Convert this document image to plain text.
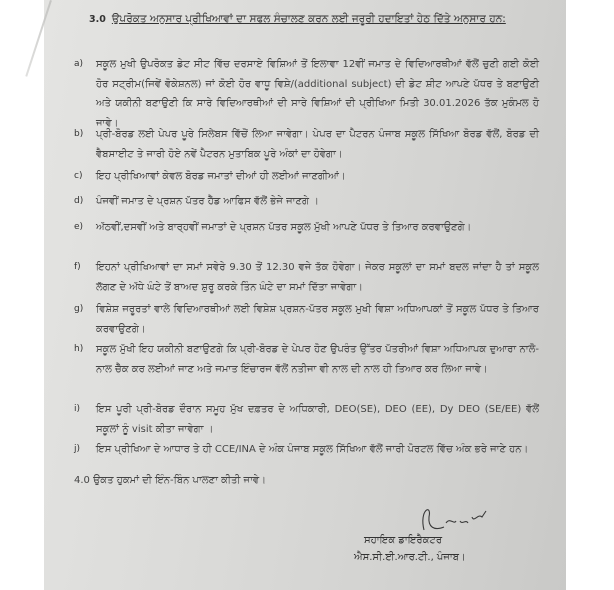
3.0 ਉਪਰੋਕਤ ਅਨੁਸਾਰ ਪ੍ਰੀਖਿਆਵਾਂ ਦਾ ਸਫਲ ਸੰਚਾਲਣ ਕਰਨ ਲਈ ਜਰੂਰੀ ਹਦਾਇਤਾਂ ਹੇਠ ਦਿੱਤੇ ਅਨੁਸਾਰ ਹਨ:
a) ਸਕੂਲ ਮੁਖੀ ਉਪਰੋਕਤ ਡੇਟ ਸੀਟ ਵਿੱਚ ਦਰਸਾਏ ਵਿਸ਼ਿਆਂ ਤੋਂ ਇਲਾਵਾ 12ਵੀਂ ਜਮਾਤ ਦੇ ਵਿਦਿਆਰਥੀਆਂ ਵੱਲੋਂ ਚੁਣੀ ਗਈ ਕੋਈ ਹੋਰ ਸਟ੍ਰੀਮ(ਜਿਵੇਂ ਵੋਕੇਸ਼ਨਲ) ਜਾਂ ਕੋਈ ਹੋਰ ਵਾਧੂ ਵਿਸ਼ੇ/(additional subject) ਦੀ ਡੇਟ ਸ਼ੀਟ ਆਪਣੇ ਪੱਧਰ ਤੇ ਬਣਾਉਣੀ ਅਤੇ ਯਕੀਨੀ ਬਣਾਉਣੀ ਕਿ ਸਾਰੇ ਵਿਦਿਆਰਥੀਆਂ ਦੀ ਸਾਰੇ ਵਿਸ਼ਿਆਂ ਦੀ ਪ੍ਰੀਖਿਆ ਮਿਤੀ 30.01.2026 ਤੱਕ ਮੁਕੰਮਲ ਹੋ ਜਾਵੇ।
b) ਪ੍ਰੀ-ਬੋਰਡ ਲਈ ਪੇਪਰ ਪੂਰੇ ਸਿਲੇਬਸ ਵਿੱਚੋਂ ਲਿਆ ਜਾਵੇਗਾ। ਪੇਪਰ ਦਾ ਪੈਟਰਨ ਪੰਜਾਬ ਸਕੂਲ ਸਿੱਖਿਆ ਬੋਰਡ ਵੱਲੋਂ, ਬੋਰਡ ਦੀ ਵੈਬਸਾਈਟ ਤੇ ਜਾਰੀ ਹੋਏ ਨਵੇਂ ਪੈਟਰਨ ਮੁਤਾਬਿਕ ਪੂਰੇ ਅੰਕਾਂ ਦਾ ਹੋਵੇਗਾ।
c) ਇਹ ਪ੍ਰੀਖਿਆਵਾਂ ਕੇਵਲ ਬੋਰਡ ਜਮਾਤਾਂ ਦੀਆਂ ਹੀ ਲਈਆਂ ਜਾਣਗੀਆਂ।
d) ਪੰਜਵੀਂ ਜਮਾਤ ਦੇ ਪ੍ਰਸ਼ਨ ਪੱਤਰ ਹੈੱਡ ਆਫਿਸ ਵੱਲੋਂ ਭੇਜੇ ਜਾਣਗੇ ।
e) ਅੱਠਵੀਂ,ਦਸਵੀਂ ਅਤੇ ਬਾਰ੍ਹਵੀਂ ਜਮਾਤਾਂ ਦੇ ਪ੍ਰਸ਼ਨ ਪੱਤਰ ਸਕੂਲ ਮੁੱਖੀ ਆਪਣੇ ਪੱਧਰ ਤੇ ਤਿਆਰ ਕਰਵਾਉਣਗੇ।
f) ਇਹਨਾਂ ਪ੍ਰੀਖਿਆਵਾਂ ਦਾ ਸਮਾਂ ਸਵੇਰੇ 9.30 ਤੋਂ 12.30 ਵਜੇ ਤੱਕ ਹੋਵੇਗਾ। ਜੇਕਰ ਸਕੂਲਾਂ ਦਾ ਸਮਾਂ ਬਦਲ ਜਾਂਦਾ ਹੈ ਤਾਂ ਸਕੂਲ ਲੱਗਣ ਦੇ ਅੱਧੇ ਘੰਟੇ ਤੋਂ ਬਾਅਦ ਸ਼ੁਰੂ ਕਰਕੇ ਤਿੰਨ ਘੰਟੇ ਦਾ ਸਮਾਂ ਦਿੱਤਾ ਜਾਵੇਗਾ।
g) ਵਿਸ਼ੇਸ਼ ਜਰੂਰਤਾਂ ਵਾਲੇ ਵਿਦਿਆਰਥੀਆਂ ਲਈ ਵਿਸ਼ੇਸ਼ ਪ੍ਰਸ਼ਨ-ਪੱਤਰ ਸਕੂਲ ਮੁਖੀ ਵਿਸ਼ਾ ਅਧਿਆਪਕਾਂ ਤੋਂ ਸਕੂਲ ਪੱਧਰ ਤੇ ਤਿਆਰ ਕਰਵਾਉਣਗੇ।
h) ਸਕੂਲ ਮੁੱਖੀ ਇਹ ਯਕੀਨੀ ਬਣਾਉਣਗੇ ਕਿ ਪ੍ਰੀ-ਬੋਰਡ ਦੇ ਪੇਪਰ ਹੋਣ ਉਪਰੰਤ ਉੱਤਰ ਪੱਤਰੀਆਂ ਵਿਸ਼ਾ ਅਧਿਆਪਕ ਦੁਆਰਾ ਨਾਲੋ-ਨਾਲ ਚੈੱਕ ਕਰ ਲਈਆਂ ਜਾਣ ਅਤੇ ਜਮਾਤ ਇੰਚਾਰਜ ਵੱਲੋਂ ਨਤੀਜਾ ਵੀ ਨਾਲ ਦੀ ਨਾਲ ਹੀ ਤਿਆਰ ਕਰ ਲਿਆ ਜਾਵੇ।
i) ਇਸ ਪੂਰੀ ਪ੍ਰੀ-ਬੋਰਡ ਦੌਰਾਨ ਸਮੂਹ ਮੁੱਖ ਦਫ਼ਤਰ ਦੇ ਅਧਿਕਾਰੀ, DEO(SE), DEO (EE), Dy DEO (SE/EE) ਵੱਲੋਂ ਸਕੂਲਾਂ ਨੂੰ visit ਕੀਤਾ ਜਾਵੇਗਾ ।
j) ਇਸ ਪ੍ਰੀਖਿਆ ਦੇ ਆਧਾਰ ਤੇ ਹੀ CCE/INA ਦੇ ਅੰਕ ਪੰਜਾਬ ਸਕੂਲ ਸਿੱਖਿਆ ਵੱਲੋਂ ਜਾਰੀ ਪੋਰਟਲ ਵਿੱਚ ਅੰਕ ਭਰੇ ਜਾਣੇ ਹਨ।
4.0 ਉਕਤ ਹੁਕਮਾਂ ਦੀ ਇੰਨ-ਬਿੰਨ ਪਾਲਣਾ ਕੀਤੀ ਜਾਵੇ।
ਸਹਾਇਕ ਡਾਇਰੈਕਟਰ
ਐਸ.ਸੀ.ਈ.ਆਰ.ਟੀ., ਪੰਜਾਬ।
